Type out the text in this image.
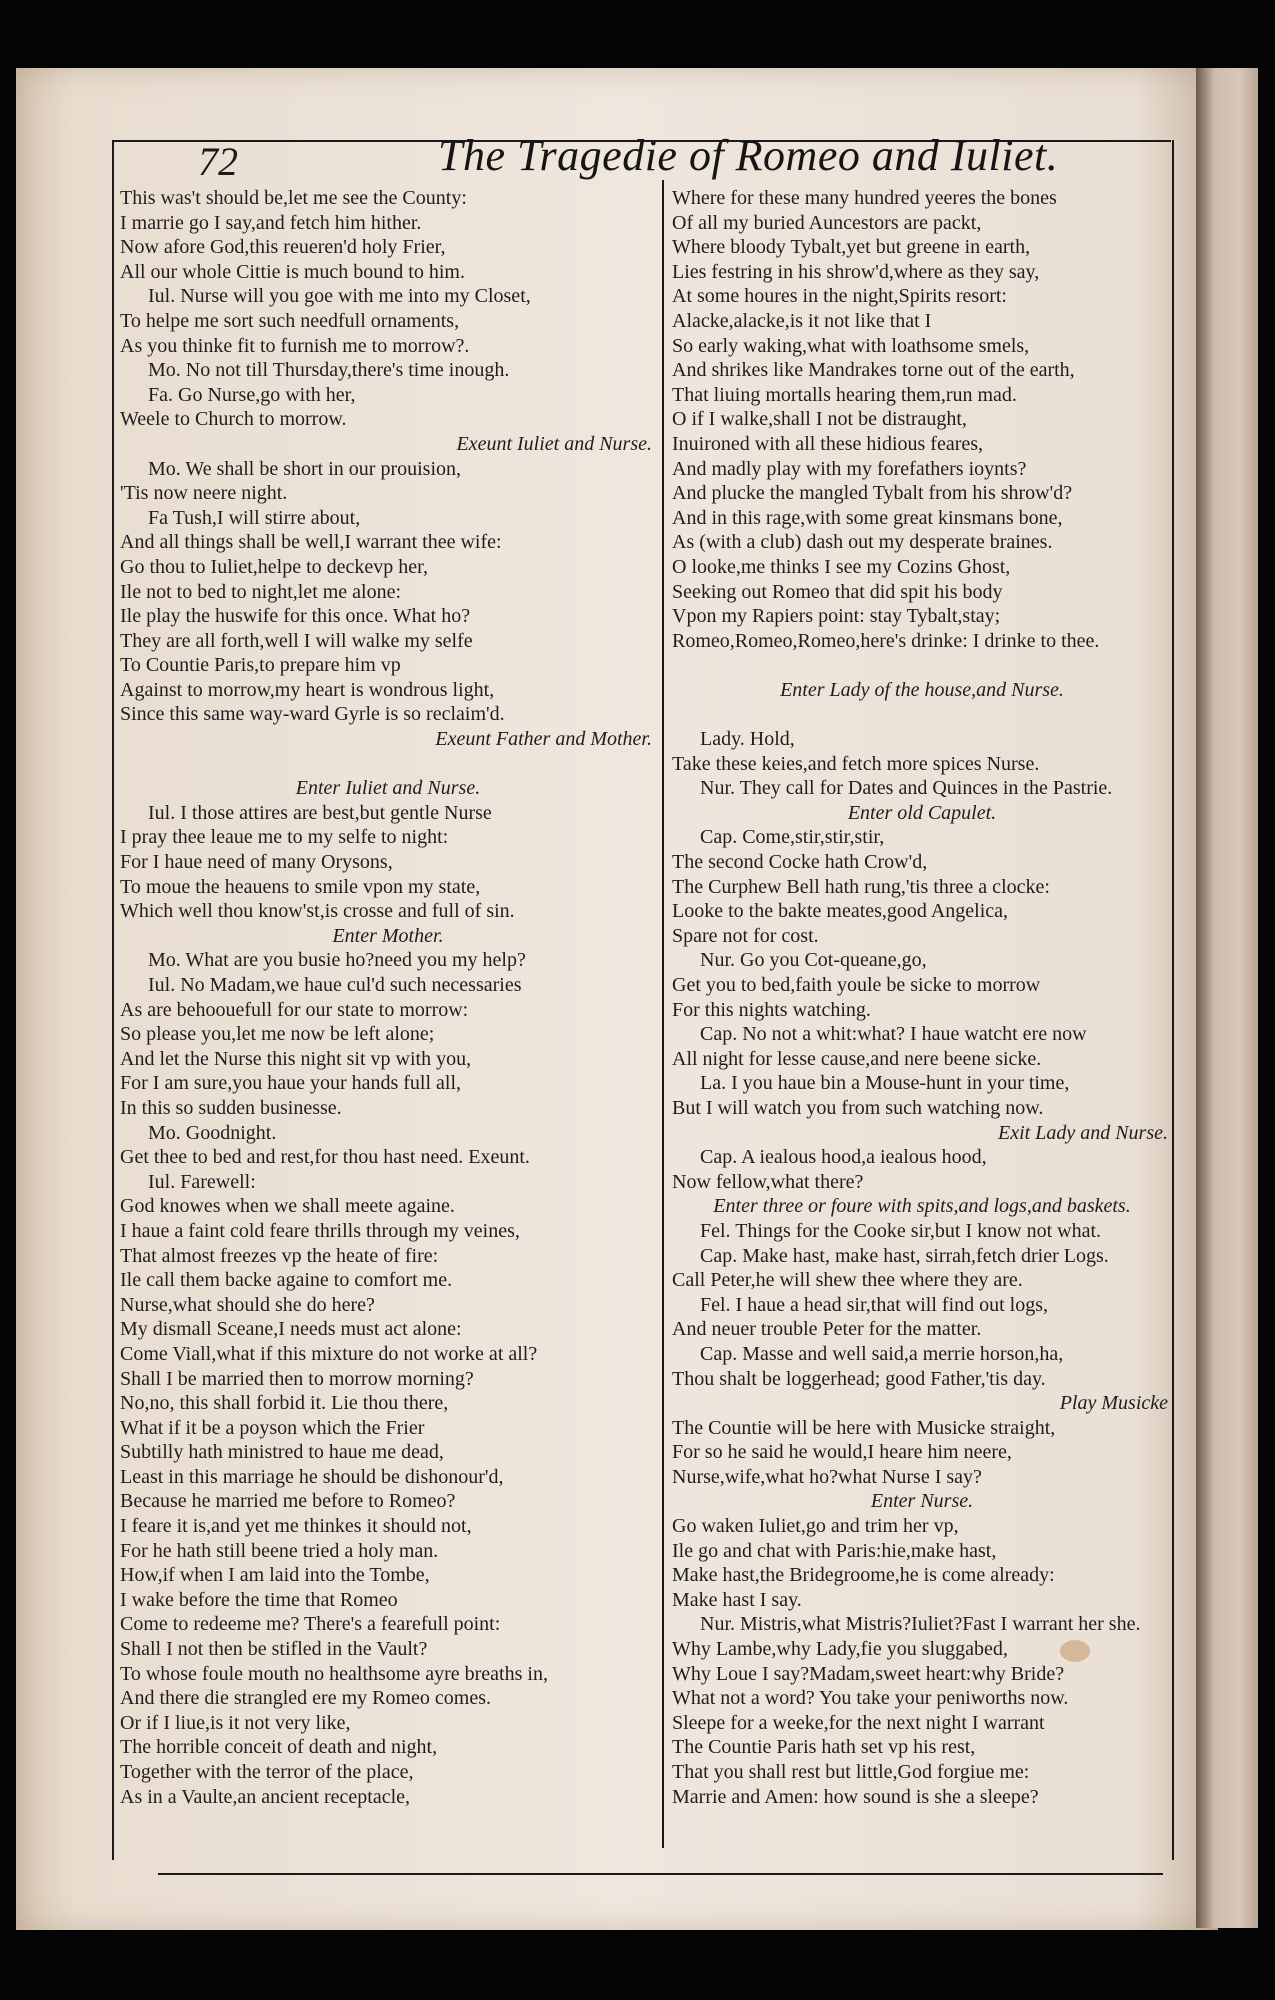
72	The Tragedie of Romeo and Iuliet.
This was't should be,let me see the County:
I marrie go I say,and fetch him hither.
Now afore God,this reueren'd holy Frier,
All our whole Cittie is much bound to him.
Iul. Nurse will you goe with me into my Closet,
To helpe me sort such needfull ornaments,
As you thinke fit to furnish me to morrow?.
Mo. No not till Thursday,there's time inough.
Fa. Go Nurse,go with her,
Weele to Church to morrow.
Exeunt Iuliet and Nurse.
Mo. We shall be short in our prouision,
'Tis now neere night.
Fa Tush,I will stirre about,
And all things shall be well,I warrant thee wife:
Go thou to Iuliet,helpe to deckevp her,
Ile not to bed to night,let me alone:
Ile play the huswife for this once. What ho?
They are all forth,well I will walke my selfe
To Countie Paris,to prepare him vp
Against to morrow,my heart is wondrous light,
Since this same way-ward Gyrle is so reclaim'd.
Exeunt Father and Mother.
Enter Iuliet and Nurse.
Iul. I those attires are best,but gentle Nurse
I pray thee leaue me to my selfe to night:
For I haue need of many Orysons,
To moue the heauens to smile vpon my state,
Which well thou know'st,is crosse and full of sin.
Enter Mother.
Mo. What are you busie ho?need you my help?
Iul. No Madam,we haue cul'd such necessaries
As are behoouefull for our state to morrow:
So please you,let me now be left alone;
And let the Nurse this night sit vp with you,
For I am sure,you haue your hands full all,
In this so sudden businesse.
Mo. Goodnight.
Get thee to bed and rest,for thou hast need. Exeunt.
Iul. Farewell:
God knowes when we shall meete againe.
I haue a faint cold feare thrills through my veines,
That almost freezes vp the heate of fire:
Ile call them backe againe to comfort me.
Nurse,what should she do here?
My dismall Sceane,I needs must act alone:
Come Viall,what if this mixture do not worke at all?
Shall I be married then to morrow morning?
No,no, this shall forbid it. Lie thou there,
What if it be a poyson which the Frier
Subtilly hath ministred to haue me dead,
Least in this marriage he should be dishonour'd,
Because he married me before to Romeo?
I feare it is,and yet me thinkes it should not,
For he hath still beene tried a holy man.
How,if when I am laid into the Tombe,
I wake before the time that Romeo
Come to redeeme me? There's a fearefull point:
Shall I not then be stifled in the Vault?
To whose foule mouth no healthsome ayre breaths in,
And there die strangled ere my Romeo comes.
Or if I liue,is it not very like,
The horrible conceit of death and night,
Together with the terror of the place,
As in a Vaulte,an ancient receptacle,
Where for these many hundred yeeres the bones
Of all my buried Auncestors are packt,
Where bloody Tybalt,yet but greene in earth,
Lies festring in his shrow'd,where as they say,
At some houres in the night,Spirits resort:
Alacke,alacke,is it not like that I
So early waking,what with loathsome smels,
And shrikes like Mandrakes torne out of the earth,
That liuing mortalls hearing them,run mad.
O if I walke,shall I not be distraught,
Inuironed with all these hidious feares,
And madly play with my forefathers ioynts?
And plucke the mangled Tybalt from his shrow'd?
And in this rage,with some great kinsmans bone,
As (with a club) dash out my desperate braines.
O looke,me thinks I see my Cozins Ghost,
Seeking out Romeo that did spit his body
Vpon my Rapiers point: stay Tybalt,stay;
Romeo,Romeo,Romeo,here's drinke: I drinke to thee.
Enter Lady of the house,and Nurse.
Lady. Hold,
Take these keies,and fetch more spices Nurse.
Nur. They call for Dates and Quinces in the Pastrie.
Enter old Capulet.
Cap. Come,stir,stir,stir,
The second Cocke hath Crow'd,
The Curphew Bell hath rung,'tis three a clocke:
Looke to the bakte meates,good Angelica,
Spare not for cost.
Nur. Go you Cot-queane,go,
Get you to bed,faith youle be sicke to morrow
For this nights watching.
Cap. No not a whit:what? I haue watcht ere now
All night for lesse cause,and nere beene sicke.
La. I you haue bin a Mouse-hunt in your time,
But I will watch you from such watching now.
Exit Lady and Nurse.
Cap. A iealous hood,a iealous hood,
Now fellow,what there?
Enter three or foure with spits,and logs,and baskets.
Fel. Things for the Cooke sir,but I know not what.
Cap. Make hast, make hast, sirrah,fetch drier Logs.
Call Peter,he will shew thee where they are.
Fel. I haue a head sir,that will find out logs,
And neuer trouble Peter for the matter.
Cap. Masse and well said,a merrie horson,ha,
Thou shalt be loggerhead; good Father,'tis day.
Play Musicke
The Countie will be here with Musicke straight,
For so he said he would,I heare him neere,
Nurse,wife,what ho?what Nurse I say?
Enter Nurse.
Go waken Iuliet,go and trim her vp,
Ile go and chat with Paris:hie,make hast,
Make hast,the Bridegroome,he is come already:
Make hast I say.
Nur. Mistris,what Mistris?Iuliet?Fast I warrant her she.
Why Lambe,why Lady,fie you sluggabed,
Why Loue I say?Madam,sweet heart:why Bride?
What not a word? You take your peniworths now.
Sleepe for a weeke,for the next night I warrant
The Countie Paris hath set vp his rest,
That you shall rest but little,God forgiue me:
Marrie and Amen: how sound is she a sleepe?
